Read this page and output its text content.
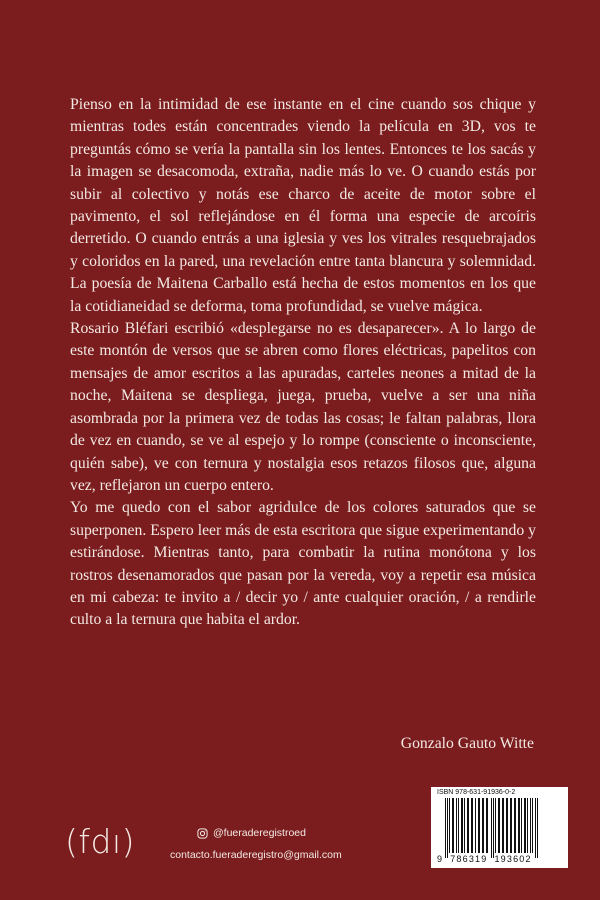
Pienso en la intimidad de ese instante en el cine cuando sos chique y mientras todes están concentrades viendo la película en 3D, vos te preguntás cómo se vería la pantalla sin los lentes. Entonces te los sacás y la imagen se desacomoda, extraña, nadie más lo ve. O cuando estás por subir al colectivo y notás ese charco de aceite de motor sobre el pavimento, el sol reflejándose en él forma una especie de arcoíris derretido. O cuando entrás a una iglesia y ves los vitrales resquebrajados y coloridos en la pared, una revelación entre tanta blancura y solemnidad. La poesía de Maitena Carballo está hecha de estos momentos en los que la cotidianeidad se deforma, toma profundidad, se vuelve mágica.

Rosario Bléfari escribió «desplegarse no es desaparecer». A lo largo de este montón de versos que se abren como flores eléctricas, papelitos con mensajes de amor escritos a las apuradas, carteles neones a mitad de la noche, Maitena se despliega, juega, prueba, vuelve a ser una niña asombrada por la primera vez de todas las cosas; le faltan palabras, llora de vez en cuando, se ve al espejo y lo rompe (consciente o inconsciente, quién sabe), ve con ternura y nostalgia esos retazos filosos que, alguna vez, reflejaron un cuerpo entero.

Yo me quedo con el sabor agridulce de los colores saturados que se superponen. Espero leer más de esta escritora que sigue experimentando y estirándose. Mientras tanto, para combatir la rutina monótona y los rostros desenamorados que pasan por la vereda, voy a repetir esa música en mi cabeza: te invito a / decir yo / ante cualquier oración, / a rendirle culto a la ternura que habita el ardor.

Gonzalo Gauto Witte
(fdı)	@fueraderegistroed
contacto.fueraderegistro@gmail.com
ISBN 978-631-91936-0-2
9 786319 193602
